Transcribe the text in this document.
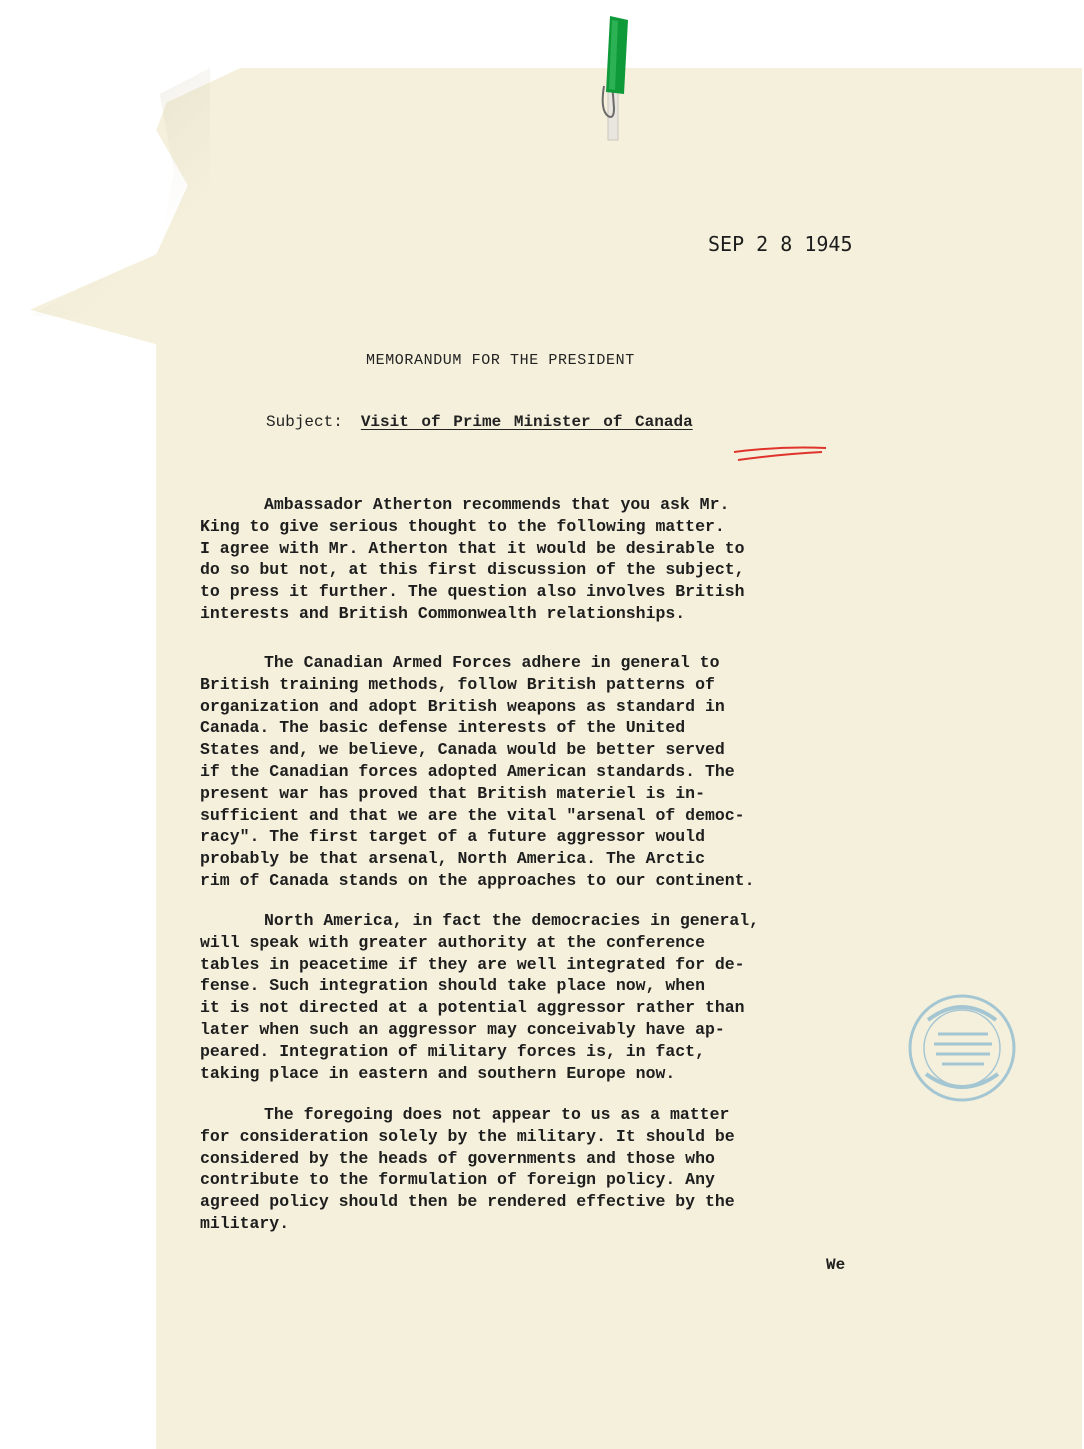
SEP 2 8 1945
MEMORANDUM FOR THE PRESIDENT
Subject: Visit of Prime Minister of Canada

Ambassador Atherton recommends that you ask Mr.
King to give serious thought to the following matter.
I agree with Mr. Atherton that it would be desirable to
do so but not, at this first discussion of the subject,
to press it further. The question also involves British
interests and British Commonwealth relationships.

The Canadian Armed Forces adhere in general to
British training methods, follow British patterns of
organization and adopt British weapons as standard in
Canada. The basic defense interests of the United
States and, we believe, Canada would be better served
if the Canadian forces adopted American standards. The
present war has proved that British materiel is in-
sufficient and that we are the vital "arsenal of democ-
racy". The first target of a future aggressor would
probably be that arsenal, North America. The Arctic
rim of Canada stands on the approaches to our continent.

North America, in fact the democracies in general,
will speak with greater authority at the conference
tables in peacetime if they are well integrated for de-
fense. Such integration should take place now, when
it is not directed at a potential aggressor rather than
later when such an aggressor may conceivably have ap-
peared. Integration of military forces is, in fact,
taking place in eastern and southern Europe now.

The foregoing does not appear to us as a matter
for consideration solely by the military. It should be
considered by the heads of governments and those who
contribute to the formulation of foreign policy. Any
agreed policy should then be rendered effective by the
military.

We
